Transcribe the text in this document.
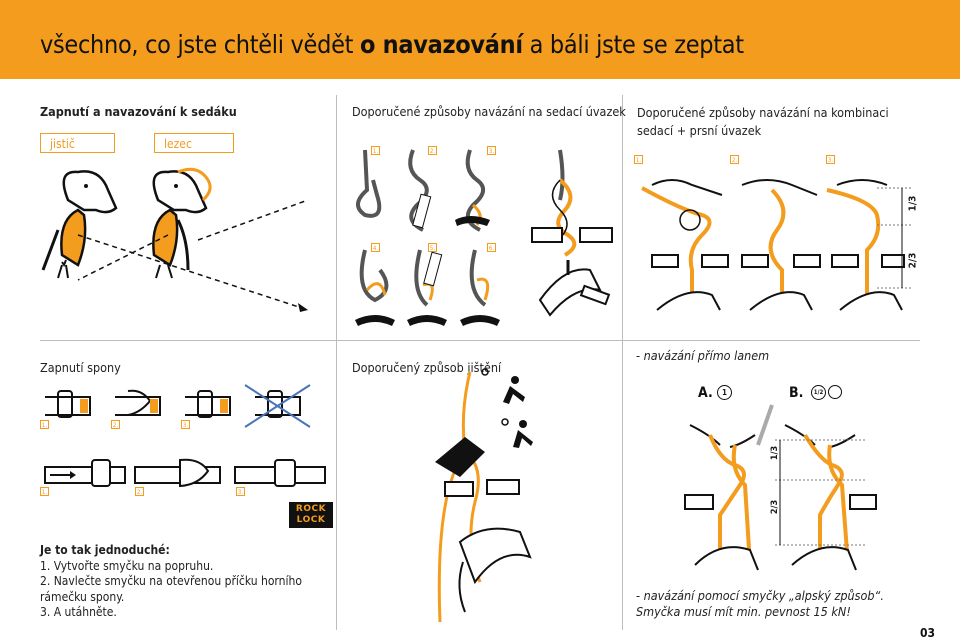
všechno, co jste chtěli vědět o navazování a báli jste se zeptat
Zapnutí a navazování k sedáku
jistič	lezec
Doporučené způsoby navázání na sedací úvazek
1.	2.	3.
4.	5.	6.
Doporučené způsoby navázání na kombinaci sedací + prsní úvazek
1.	2.	3.
1/3
2/3
Zapnutí spony
1.	2.	3.
1.	2.	3.
ROCK LOCK
Je to tak jednoduché:
1. Vytvořte smyčku na popruhu.
2. Navlečte smyčku na otevřenou příčku horního rámečku spony.
3. A utáhněte.
Doporučený způsob jištění
- navázání přímo lanem
A.	1	B.	1/2
1/3
2/3
- navázání pomocí smyčky „alpský způsob“.
Smyčka musí mít min. pevnost 15 kN!
03
